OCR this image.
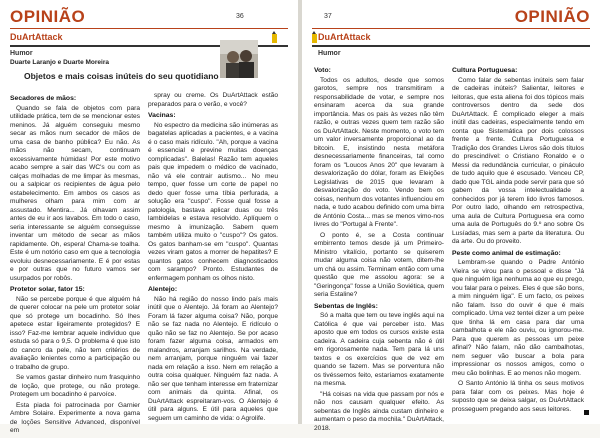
OPINIÃO	36
DuArtAttack
Humor
Duarte Laranjo e Duarte Moreira
Objetos e mais coisas inúteis do seu quotidiano
Secadores de mãos:

Quando se fala de objetos com para utilidade prática, tem de se mencionar estes meninos. Já alguém conseguiu mesmo secar as mãos num secador de mãos de uma casa de banho pública? Eu não. As mãos não secam, continuam excessivamente húmidas! Por este motivo acabo sempre a sair das WC's ou com as calças molhadas de me limpar às mesmas, ou a salpicar os recipientes de água pelo estabelecimento. Em ambos os casos as mulheres olham para mim com ar assustado. Mentira... Já olhavam assim antes de eu ir aos lavabos. Em todo o caso, seria interessante se alguém conseguisse inventar um método de secar as mãos rapidamente. Oh, espera! Chama-se toalha. Este é um notório caso em que a tecnologia evoluiu desnecessariamente. E é por estas e por outras que no futuro vamos ser usurpados por robôs.

Protetor solar, fator 15:

Não se percebe porque é que alguém há de querer colocar na pele um protetor solar que só protege um bocadinho. Só lhes apetece estar ligeiramente protegidos? E isso? Faz-me lembrar aquele indivíduo que estuda só para o 9,5. O problema é que isto do cancro da pele, não tem critérios de avaliação lenientes como a participação ou o trabalho de grupo.

Se vamos gastar dinheiro num frasquinho de loção, que protege, ou não protege. Protegem um bocadinho é parvoíce.

Esta piada foi patrocinada por Garnier Ambre Solaire. Experimente a nova gama de loções Sensitive Advanced, disponível em

spray ou creme. Os DuArtAttack estão preparados para o verão, e você?

Vacinas:

No espectro da medicina são inúmeras as bagatelas aplicadas a pacientes, e a vacina é o caso mais ridículo. "Ah, porque a vacina é essencial e previne muitas doenças complicadas". Balelas! Razão tem aqueles pais que impedem o médico de vacinado, não vá ele contrair autismo... No meu tempo, quer fosse um corte de papel no dedo quer fosse uma tíbia perfurada, a solução era "cuspo". Fosse qual fosse a patologia, bastava aplicar duas ou três lambidelas e estava resolvido. Aplíquem o mesmo à imunização. Sabem quem também utiliza muito o "cuspo"? Os gatos. Os gatos banham-se em "cuspo". Quantas vezes viram gatos a morrer de hepatites? E quantos gatos conhecem diagnosticados com sarampo? Pronto. Estudantes de enfermagem ponham os olhos nisto.

Alentejo:

Não há região do nosso lindo país mais inútil que o Alentejo. Já foram ao Alentejo? Foram lá fazer alguma coisa? Não, porque não se faz nada no Alentejo. E ridículo o quão não se faz no Alentejo. Se por acaso foram fazer alguma coisa, armados em malandros, arranjam sarilhos. Na verdade, nem arranjam, porque ninguém vai fazer nada em relação a isso. Nem em relação a outra coisa qualquer. Ninguém faz nada. A não ser que tenham interesse em fraternizar com animais da quinta. Afinal, os DuArtAttack espreitaram-vos. O Alentejo é útil para alguns. E útil para aqueles que seguem um caminho de vida: o Agrolife.

37	OPINIÃO
DuArtAttack
Humor
Voto:

Todos os adultos, desde que somos garotos, sempre nos transmitiram a responsabilidade de votar, e sempre nos ensinaram acerca da sua grande importância. Mas os pais às vezes não têm razão, e outras vezes quem tem razão são os DuArtAttack. Neste momento, o voto tem um valor inversamente proporcional ao da bitcoin. E, insistindo nesta metáfora desnecessariamente financeiras, tal como foram os "Loucos Anos 20" que levaram à desvalorização do dólar, foram as Eleições Legislativas de 2015 que levaram à desvalorização do voto. Vendo bem os coisas, nenhum dos votantes influenciou em nada, e tudo acabou definido com uma birra de António Costa... mas se menos vimo-nos livres do "Portugal à Frente".

O ponto é, se a Costa continuar embirrento temos desde já um Primeiro-Ministro vitalício, portanto se quiserem mudar alguma coisa não votem, ditem-lhe um chá ou assim. Terminam então com uma questão que me assolou agora: se a "Geringonça" fosse a União Soviética, quem seria Estaline?

Sebentas de Inglês:

Só a malta que tem ou teve inglês aqui na Católica é que vai perceber isto. Mas aposto que em todos os cursos existe esta cadeira. A cadeira cuja sebenta não é útil em rigorosamente nada. Tem para lá uns textos e os exercícios que de vez em quando se fazem. Mas se porventura não os tivéssemos feito, estaríamos exatamente na mesma.

"Há coisas na vida que passam por nós e não nos causam qualquer efeito. As sebentas de Inglês ainda custam dinheiro e aumentam o peso da mochila." DuArtAttack, 2018.

Cultura Portuguesa:

Como falar de sebentas inúteis sem falar de cadeiras inúteis? Salientar, leitores e leitoras, que esta aliena foi dos tópicos mais controversos dentro da sede dos DuArtAttack. É complicado eleger a mais inútil das cadeiras, especialmente tendo em conta que Sistemática por dois colossos frente a frente. Cultura Portuguesa e Tradição dos Grandes Livros são dois títulos do prescindível: o Cristiano Ronaldo e o Messi da redundância curricular, o pináculo de tudo aquilo que é escusado. Venceu CP, dado que TGL ainda pode servir para que só gabem da vossa intelectualidade a conhecidos por já terem lido livros famosos. Por outro lado, olhando em retrospectiva, uma aula de Cultura Portuguesa era como uma aula de Português do 9.º ano sobre Os Lusíadas, mas sem a parte da literatura. Ou da arte. Ou do proveito.

Peste como animal de estimação:

Lembram-se quando o Padre António Vieira se virou para o pessoal e disse "Já que ninguém liga nenhuma ao que eu prego, vou falar para o peixes. Eles é que são bons, a mim ninguém liga". E um facto, os peixes não falam. Isso do ouvir é que é mais complicado. Uma vez tentei dizer a um peixe que tinha lá em casa para dar uma cambalhota e ele não ouviu, ou ignorou-me. Para que querem as pessoas um peixe afinal? Não falam, não dão cambalhotas, nem seguer vão buscar a bola para impressionar os nossos amigos, como o meu cão bolinhas. E ao menos não mogem.

O Santo António lá tinha os seus motivos para falar com os peixes. Mas hoje é suposto que se deixa salgar, os DuArtAttack prosseguem pregando aos seus leitores.
